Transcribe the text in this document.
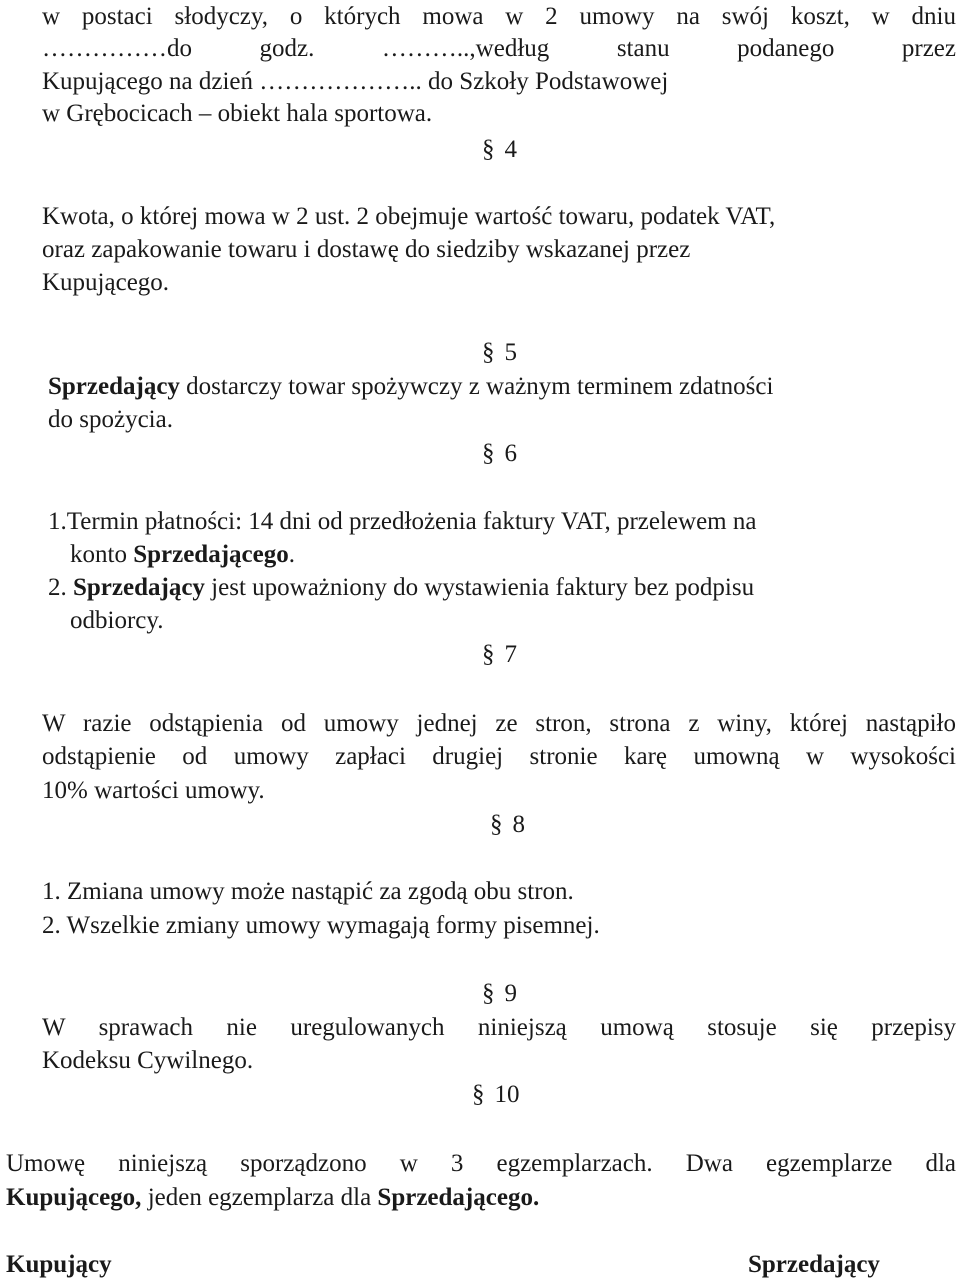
w postaci słodyczy, o których mowa w 2 umowy na swój koszt, w dniu
……………do godz. ………..,według stanu podanego przez
Kupującego na dzień ……………….. do Szkoły Podstawowej
w Grębocicach – obiekt hala sportowa.
§ 4
Kwota, o której mowa w 2 ust. 2 obejmuje wartość towaru, podatek VAT,
oraz zapakowanie towaru i dostawę do siedziby wskazanej przez
Kupującego.
§ 5
Sprzedający dostarczy towar spożywczy z ważnym terminem zdatności
do spożycia.
§ 6
1.Termin płatności: 14 dni od przedłożenia faktury VAT, przelewem na
konto Sprzedającego.
2. Sprzedający jest upoważniony do wystawienia faktury bez podpisu
odbiorcy.
§ 7
W razie odstąpienia od umowy jednej ze stron, strona z winy, której nastąpiło
odstąpienie od umowy zapłaci drugiej stronie karę umowną w wysokości
10% wartości umowy.
§ 8
1. Zmiana umowy może nastąpić za zgodą obu stron.
2. Wszelkie zmiany umowy wymagają formy pisemnej.
§ 9
W sprawach nie uregulowanych niniejszą umową stosuje się przepisy
Kodeksu Cywilnego.
§ 10
Umowę niniejszą sporządzono w 3 egzemplarzach. Dwa egzemplarze dla
Kupującego, jeden egzemplarza dla Sprzedającego.
Kupujący	Sprzedający
